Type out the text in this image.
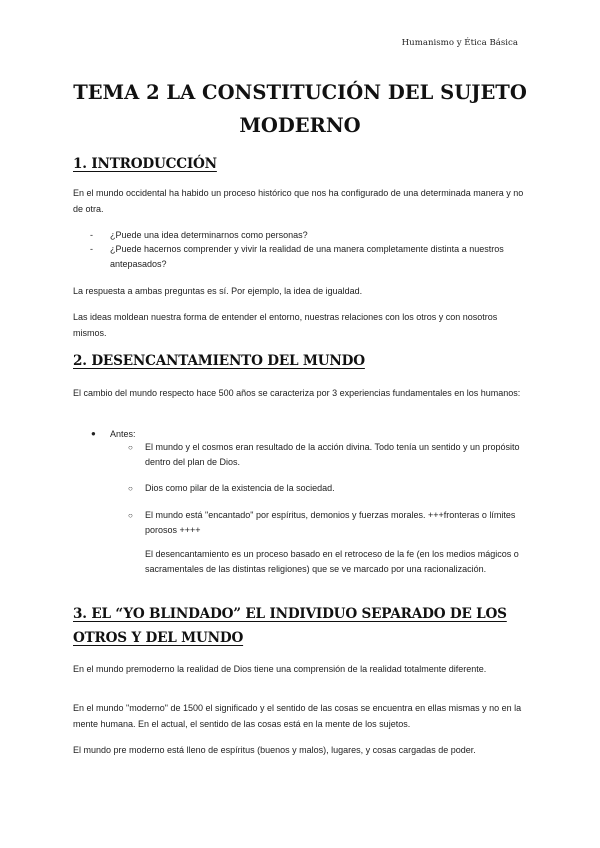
Humanismo y Ética Básica
TEMA 2 LA CONSTITUCIÓN DEL SUJETO MODERNO
1. INTRODUCCIÓN

En el mundo occidental ha habido un proceso histórico que nos ha configurado de una determinada manera y no de otra.

- ¿Puede una idea determinarnos como personas?
- ¿Puede hacernos comprender y vivir la realidad de una manera completamente distinta a nuestros antepasados?

La respuesta a ambas preguntas es sí. Por ejemplo, la idea de igualdad.

Las ideas moldean nuestra forma de entender el entorno, nuestras relaciones con los otros y con nosotros mismos.

2. DESENCANTAMIENTO DEL MUNDO

El cambio del mundo respecto hace 500 años se caracteriza por 3 experiencias fundamentales en los humanos:

● Antes:
○ El mundo y el cosmos eran resultado de la acción divina. Todo tenía un sentido y un propósito dentro del plan de Dios.
○ Dios como pilar de la existencia de la sociedad.
○ El mundo está "encantado" por espíritus, demonios y fuerzas morales. +++fronteras o límites porosos ++++
El desencantamiento es un proceso basado en el retroceso de la fe (en los medios mágicos o sacramentales de las distintas religiones) que se ve marcado por una racionalización.
3. EL “YO BLINDADO” EL INDIVIDUO SEPARADO DE LOS OTROS Y DEL MUNDO

En el mundo premoderno la realidad de Dios tiene una comprensión de la realidad totalmente diferente.

En el mundo "moderno" de 1500 el significado y el sentido de las cosas se encuentra en ellas mismas y no en la mente humana. En el actual, el sentido de las cosas está en la mente de los sujetos.

El mundo pre moderno está lleno de espíritus (buenos y malos), lugares, y cosas cargadas de poder.
